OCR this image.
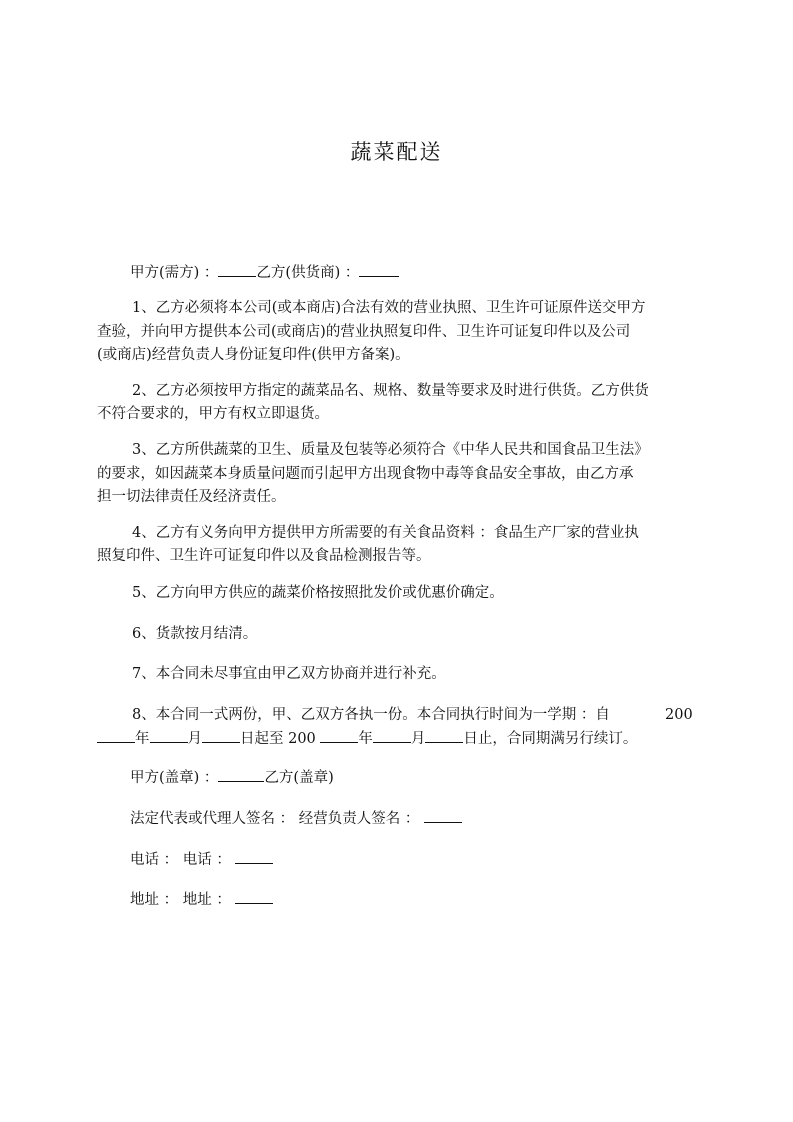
蔬菜配送
甲方(需方) ：	乙方(供货商) ：
1、乙方必须将本公司(或本商店)合法有效的营业执照、卫生许可证原件送交甲方
查验，并向甲方提供本公司(或商店)的营业执照复印件、卫生许可证复印件以及公司
(或商店)经营负责人身份证复印件(供甲方备案)。
2、乙方必须按甲方指定的蔬菜品名、规格、数量等要求及时进行供货。乙方供货
不符合要求的，甲方有权立即退货。
3、乙方所供蔬菜的卫生、质量及包装等必须符合《中华人民共和国食品卫生法》
的要求，如因蔬菜本身质量问题而引起甲方出现食物中毒等食品安全事故，由乙方承
担一切法律责任及经济责任。
4、乙方有义务向甲方提供甲方所需要的有关食品资料 ：食品生产厂家的营业执
照复印件、卫生许可证复印件以及食品检测报告等。
5、乙方向甲方供应的蔬菜价格按照批发价或优惠价确定。
6、货款按月结清。
7、本合同未尽事宜由甲乙双方协商并进行补充。
8、本合同一式两份，甲、乙双方各执一份。本合同执行时间为一学期 ：自	200
年	月	日起至 200	年	月	日止，合同期满另行续订。
甲方(盖章) ：	乙方(盖章)
法定代表或代理人签名 ： 经营负责人签名 ：
电话 ： 电话 ：
地址 ： 地址 ：
